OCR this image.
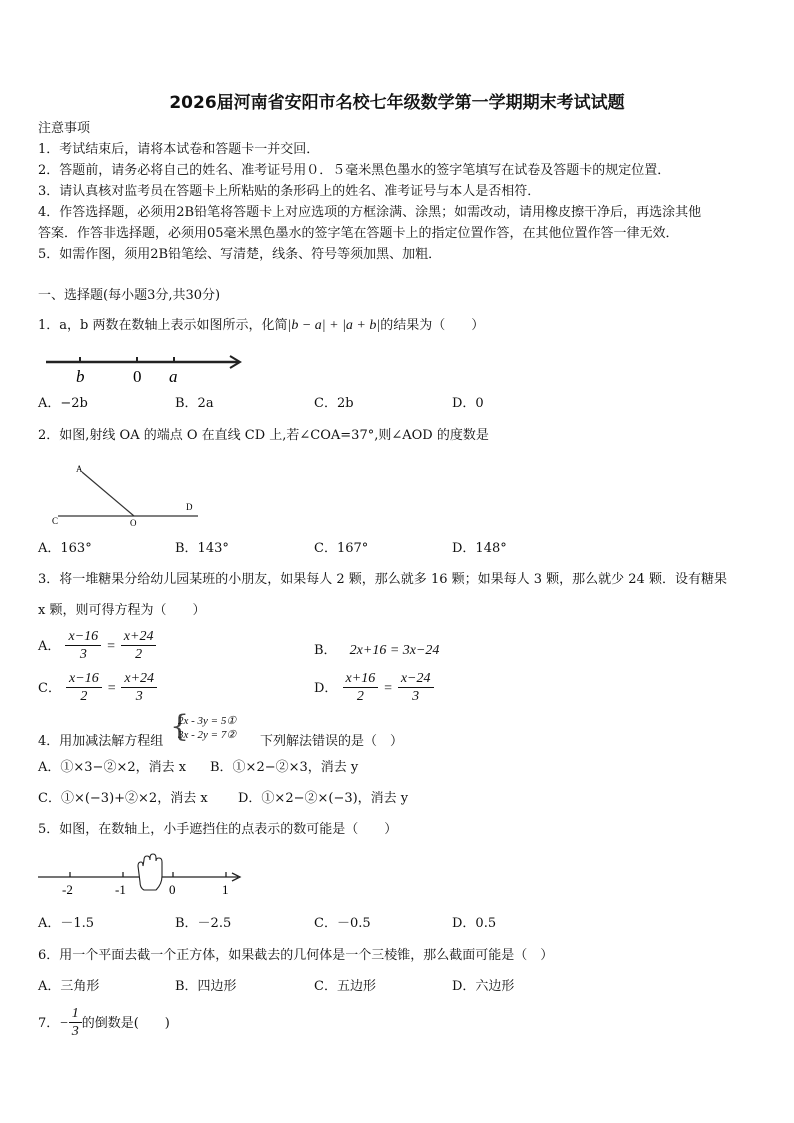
2026届河南省安阳市名校七年级数学第一学期期末考试试题
注意事项
1．考试结束后，请将本试卷和答题卡一并交回．
2．答题前，请务必将自己的姓名、准考证号用０．５毫米黑色墨水的签字笔填写在试卷及答题卡的规定位置．
3．请认真核对监考员在答题卡上所粘贴的条形码上的姓名、准考证号与本人是否相符．
4．作答选择题，必须用2B铅笔将答题卡上对应选项的方框涂满、涂黑；如需改动，请用橡皮擦干净后，再选涂其他
答案．作答非选择题，必须用05毫米黑色墨水的签字笔在答题卡上的指定位置作答，在其他位置作答一律无效．
5．如需作图，须用2B铅笔绘、写清楚，线条、符号等须加黑、加粗．
一、选择题(每小题3分,共30分)
1．a，b 两数在数轴上表示如图所示，化简|b − a| + |a + b|的结果为（　　）
b	0 a
A．−2b	B．2a	C．2b	D．0
2．如图,射线 OA 的端点 O 在直线 CD 上,若∠COA=37°,则∠AOD 的度数是
A
C	O
D
A．163°	B．143°	C．167°	D．148°
3．将一堆糖果分给幼儿园某班的小朋友，如果每人 2 颗，那么就多 16 颗；如果每人 3 颗，那么就少 24 颗．设有糖果
x 颗，则可得方程为（　　）
A． $\frac{x-16}{3} = \frac{x+24}{2}$	B． 2x+16 = 3x−24
C． $\frac{x-16}{2} = \frac{x+24}{3}$	D． $\frac{x+16}{2} = \frac{x-24}{3}$
4．用加减法解方程组 {
2x - 3y = 5①
3x - 2y = 7② 下列解法错误的是（　）
A．①×3−②×2，消去 x B．①×2−②×3，消去 y
C．①×(−3)+②×2，消去 x D．①×2−②×(−3)，消去 y
5．如图，在数轴上，小手遮挡住的点表示的数可能是（　　）
-2	-1	0	1
A．－1.5	B．－2.5	C．－0.5	D．0.5
6．用一个平面去截一个正方体，如果截去的几何体是一个三棱锥，那么截面可能是（　）
A．三角形	B．四边形	C．五边形	D．六边形
7．− $\frac{1}{3}$ 的倒数是(　　)
